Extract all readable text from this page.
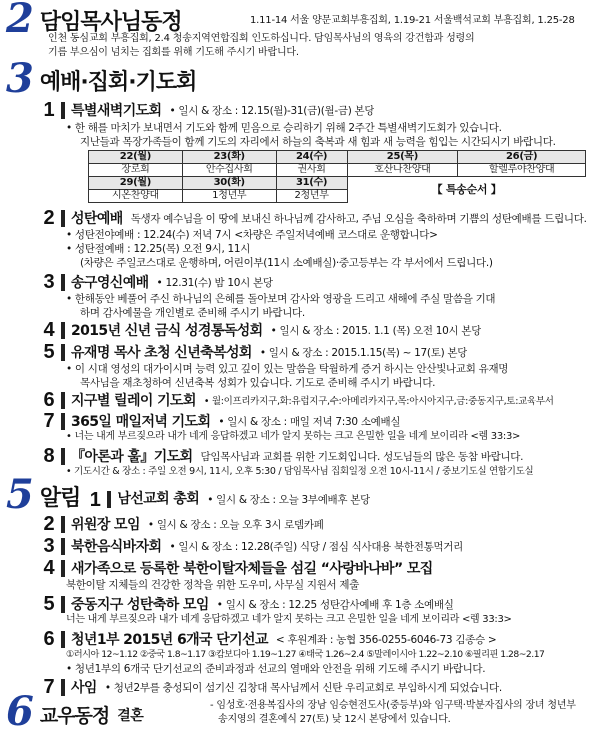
2 담임목사님동정	1.11-14 서울 양문교회부흥집회, 1.19-21 서울백석교회 부흥집회, 1.25-28
인천 동심교회 부흥집회, 2.4 청송지역연합집회 인도하십니다. 담임목사님의 영육의 강건함과 성령의
기름 부으심이 넘치는 집회를 위해 기도해 주시기 바랍니다.
3 예배·집회·기도회
1 특별새벽기도회 • 일시 & 장소 : 12.15(월)-31(금)(월-금) 본당
• 한 해를 마치가 보내면서 기도와 함께 믿음으로 승리하기 위해 2주간 특별새벽기도회가 있습니다.
지난들과 목장가족들이 함께 기도의 자리에서 하늘의 축복과 새 힘과 새 능력을 힘입는 시간되시기 바랍니다.
22(월)	23(화)	24(수)	25(목)	26(금)
장로회	안수집사회	권사회	호산나찬양대	할렐루야찬양대
29(월)	30(화)	31(수)	【 특송순서 】	
시온찬양대	1청년부	2청년부		
2 성탄예배 독생자 예수님을 이 땅에 보내신 하나님께 감사하고, 주님 오심을 축하하며 기쁨의 성탄예배를 드립니다.
• 성탄전야예배 : 12.24(수) 저녁 7시 <차량은 주일저녁예배 코스대로 운행합니다>
• 성탄절예배 : 12.25(목) 오전 9시, 11시
(차량은 주일코스대로 운행하며, 어린이부(11시 소예배실)·중고등부는 각 부서에서 드립니다.)
3 송구영신예배 • 12.31(수) 밤 10시 본당
• 한해동안 베풀어 주신 하나님의 은혜를 돌아보며 감사와 영광을 드리고 새해에 주실 말씀을 기대
하며 감사예물을 개인별로 준비해 주시기 바랍니다.
4 2015년 신년 금식 성경통독성회 • 일시 & 장소 : 2015. 1.1 (목) 오전 10시 본당
5 유재명 목사 초청 신년축복성회 • 일시 & 장소 : 2015.1.15(목) ~ 17(토) 본당
• 이 시대 영성의 대가이시며 능력 있고 깊이 있는 말씀을 탁월하게 증거 하시는 안산빛나교회 유재명
목사님을 재초청하여 신년축복 성회가 있습니다. 기도로 준비해 주시기 바랍니다.
6 지구별 릴레이 기도회 • 월:이프리카지구,화:유럽지구,수:아메리카지구,목:아시아지구,금:중동지구,토:교육부서
7 365일 매일저녁 기도회 • 일시 & 장소 : 매일 저녁 7:30 소예배실
• 너는 내게 부르짖으라 내가 네게 응답하겠고 네가 알지 못하는 크고 은밀한 일을 네게 보이리라 <렘 33:3>
8 『아론과 훌』기도회 담임목사님과 교회를 위한 기도회입니다. 성도님들의 많은 동참 바랍니다.
• 기도시간 & 장소 : 주일 오전 9시, 11시, 오후 5:30 / 담임목사님 집회일정 오전 10시-11시 / 중보기도실 연합기도실
5 알림 1 남선교회 총회 • 일시 & 장소 : 오늘 3부예배후 본당
2 위원장 모임 • 일시 & 장소 : 오늘 오후 3시 로뎀카페
3 북한음식바자회 • 일시 & 장소 : 12.28(주일) 식당 / 점심 식사대용 북한전통먹거리
4 새가족으로 등록한 북한이탈자체들을 섬길 “사랑바나바” 모집
북한이탈 지체들의 건강한 정착을 위한 도우미, 사무실 지원서 제출
5 중동지구 성탄축하 모임 • 일시 & 장소 : 12.25 성탄감사예배 후 1층 소예배실
너는 내게 부르짖으라 내가 네게 응답하겠고 네가 알지 못하는 크고 은밀한 일을 네게 보이리라 <렘 33:3>
6 청년1부 2015년 6개국 단기선교 < 후원계좌 : 농협 356-0255-6046-73 김종승 >
①러시아 12~1.12 ②중국 1.8~1.17 ③캄보디아 1.19~1.27 ④태국 1.26~2.4 ⑤말레이시아 1.22~2.10 ⑥필리핀 1.28~2.17
• 청년1부의 6개국 단기선교의 준비과정과 선교의 열매와 안전을 위해 기도해 주시기 바랍니다.
7 사임 • 청년2부를 충성되이 섬기신 김창대 목사님께서 신탄 우리교회로 부임하시게 되었습니다.
6 교우동정 결혼
- 임성호·전용복집사의 장남 임승현전도사(중등부)와 임구택·박분자집사의 장녀 청년부
송지영의 결혼예식 27(토) 낮 12시 본당에서 있습니다.
